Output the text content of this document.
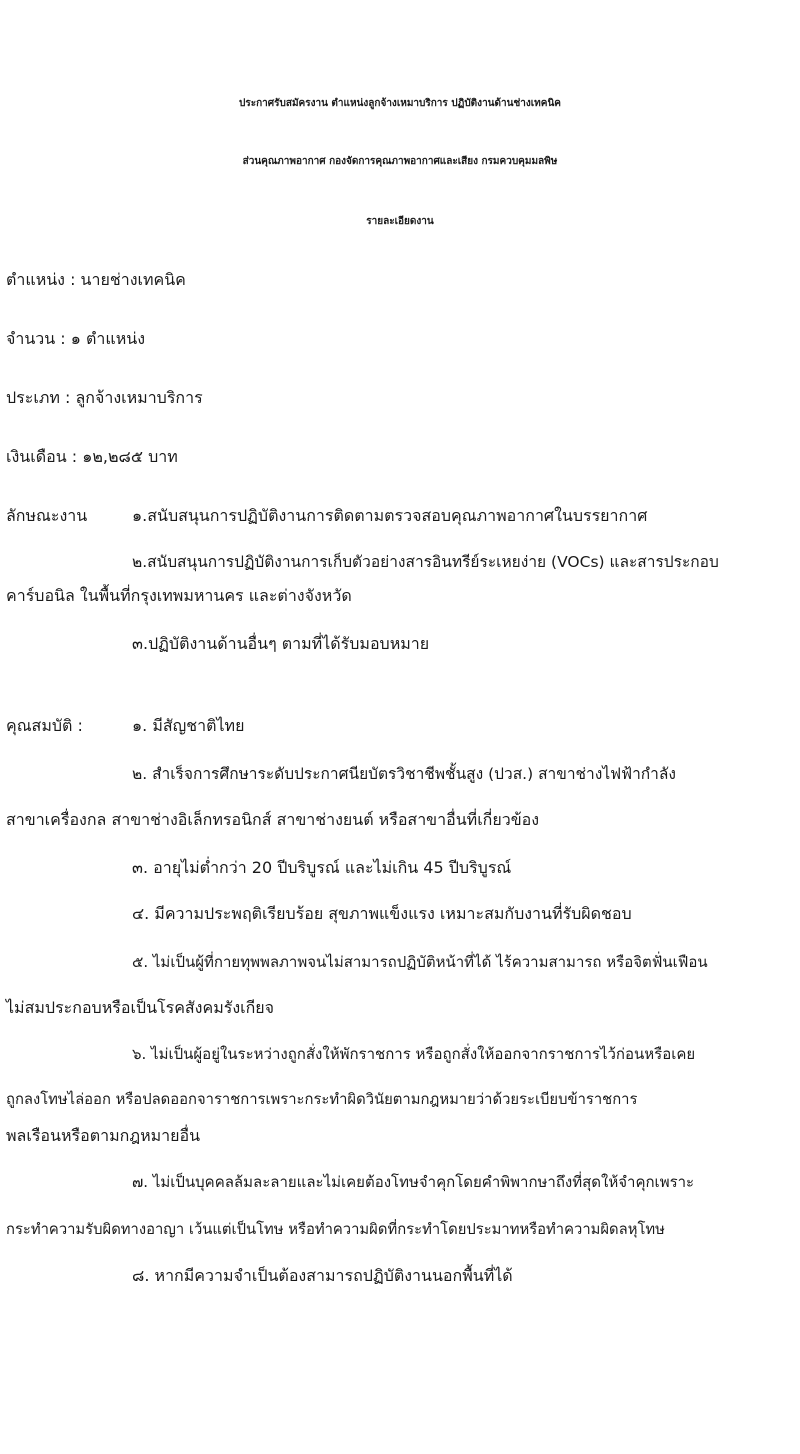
ประกาศรับสมัครงาน ตำแหน่งลูกจ้างเหมาบริการ ปฏิบัติงานด้านช่างเทคนิค
ส่วนคุณภาพอากาศ กองจัดการคุณภาพอากาศและเสียง กรมควบคุมมลพิษ
รายละเอียดงาน
ตำแหน่ง : นายช่างเทคนิค
จำนวน : ๑ ตำแหน่ง
ประเภท : ลูกจ้างเหมาบริการ
เงินเดือน : ๑๒,๒๘๕ บาท
ลักษณะงาน	๑.สนับสนุนการปฏิบัติงานการติดตามตรวจสอบคุณภาพอากาศในบรรยากาศ
๒.สนับสนุนการปฏิบัติงานการเก็บตัวอย่างสารอินทรีย์ระเหยง่าย (VOCs) และสารประกอบ
คาร์บอนิล ในพื้นที่กรุงเทพมหานคร และต่างจังหวัด
๓.ปฏิบัติงานด้านอื่นๆ ตามที่ได้รับมอบหมาย
คุณสมบัติ :	๑. มีสัญชาติไทย
๒. สำเร็จการศึกษาระดับประกาศนียบัตรวิชาชีพชั้นสูง (ปวส.) สาขาช่างไฟฟ้ากำลัง
สาขาเครื่องกล สาขาช่างอิเล็กทรอนิกส์ สาขาช่างยนต์ หรือสาขาอื่นที่เกี่ยวข้อง
๓. อายุไม่ต่ำกว่า 20 ปีบริบูรณ์ และไม่เกิน 45 ปีบริบูรณ์
๔. มีความประพฤติเรียบร้อย สุขภาพแข็งแรง เหมาะสมกับงานที่รับผิดชอบ
๕. ไม่เป็นผู้ที่กายทุพพลภาพจนไม่สามารถปฏิบัติหน้าที่ได้ ไร้ความสามารถ หรือจิตฟั่นเฟือน
ไม่สมประกอบหรือเป็นโรคสังคมรังเกียจ
๖. ไม่เป็นผู้อยู่ในระหว่างถูกสั่งให้พักราชการ หรือถูกสั่งให้ออกจากราชการไว้ก่อนหรือเคย
ถูกลงโทษไล่ออก หรือปลดออกจาราชการเพราะกระทำผิดวินัยตามกฎหมายว่าด้วยระเบียบข้าราชการ
พลเรือนหรือตามกฎหมายอื่น
๗. ไม่เป็นบุคคลล้มละลายและไม่เคยต้องโทษจำคุกโดยคำพิพากษาถึงที่สุดให้จำคุกเพราะ
กระทำความรับผิดทางอาญา เว้นแต่เป็นโทษ หรือทำความผิดที่กระทำโดยประมาทหรือทำความผิดลหุโทษ
๘. หากมีความจำเป็นต้องสามารถปฏิบัติงานนอกพื้นที่ได้
